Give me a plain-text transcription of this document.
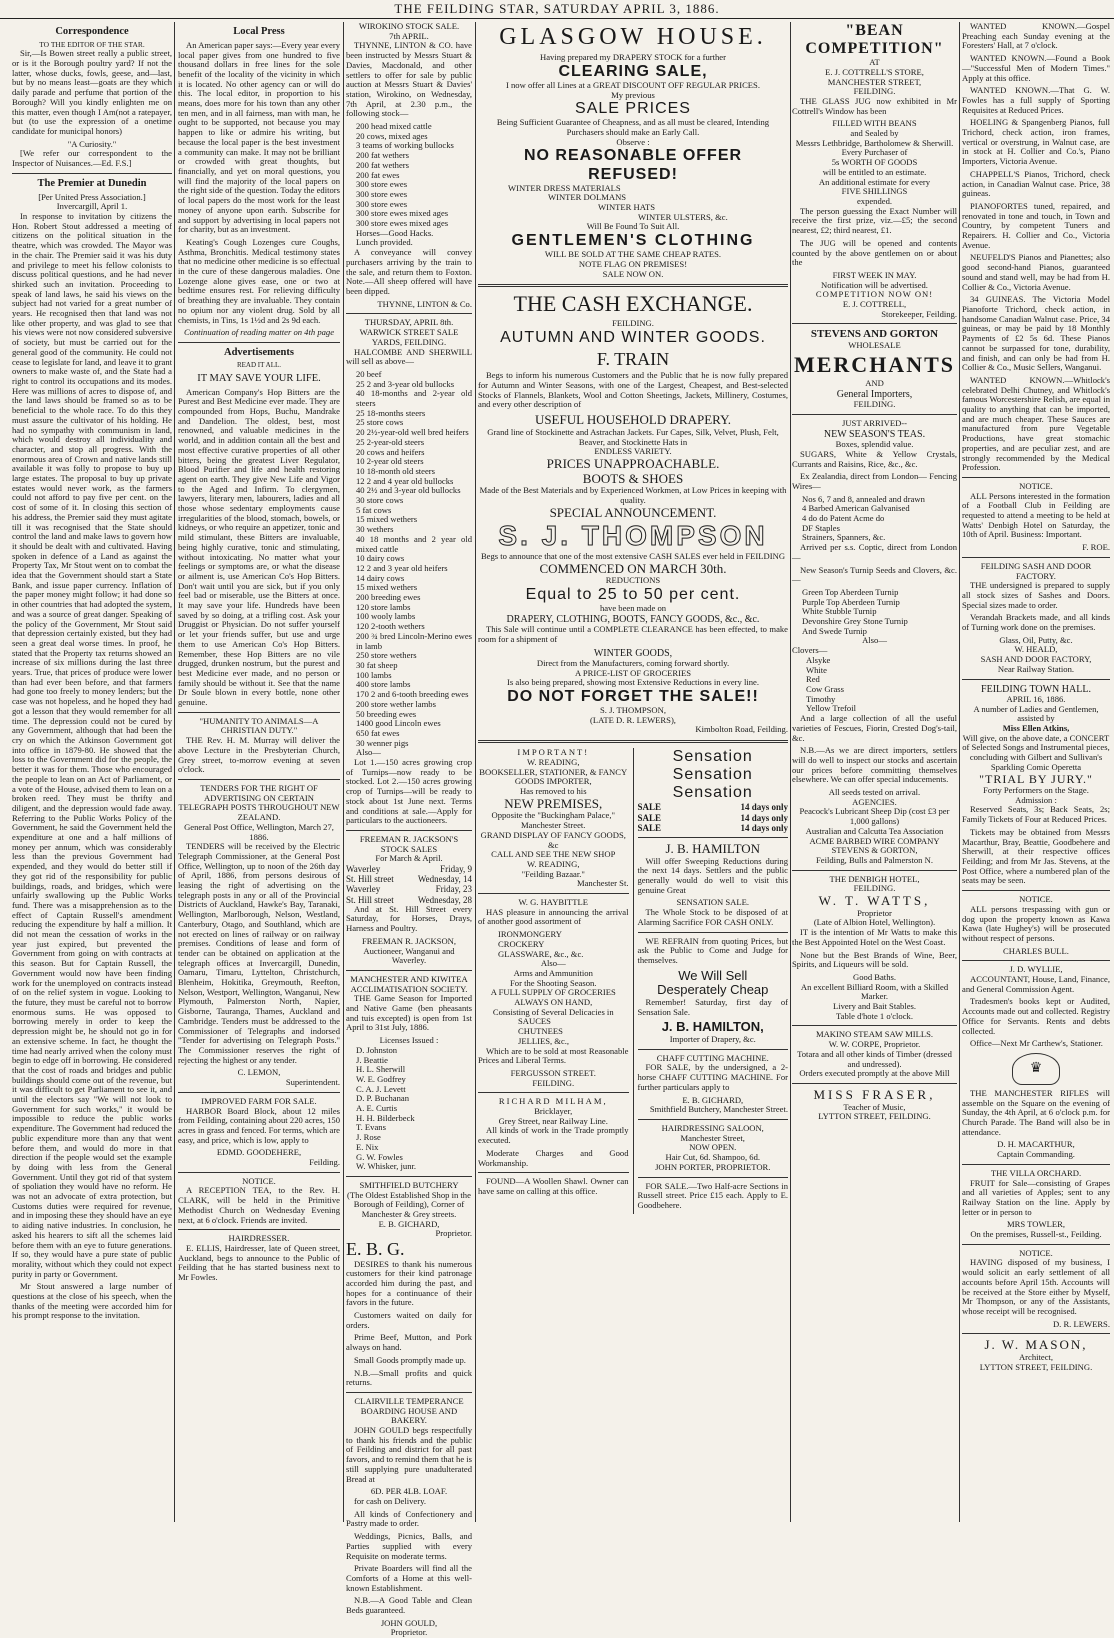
THE FEILDING STAR, SATURDAY APRIL 3, 1886.
Correspondence
TO THE EDITOR OF THE STAR.

Sir,—Is Bowen street really a public street, or is it the Borough poultry yard? If not the latter, whose ducks, fowls, geese, and—last, but by no means least—goats are they which daily parade and perfume that portion of the Borough? Will you kindly enlighten me on this matter, even though I Am(not a ratepayer, but (to use the expression of a onetime candidate for municipal honors)

"A Curiosity."

[We refer our correspondent to the Inspector of Nuisances.—Ed. F.S.]

The Premier at Dunedin
[Per United Press Association.]
Invercargill, April 1.

In response to invitation by citizens the Hon. Robert Stout addressed a meeting of citizens on the political situation in the theatre, which was crowded. The Mayor was in the chair. The Premier said it was his duty and privilege to meet his fellow colonists to discuss political questions, and he had never shirked such an invitation. Proceeding to speak of land laws, he said his views on the subject had not varied for a great number of years. He recognised then that land was not like other property, and was glad to see that his views were not now considered subversive of society, but must be carried out for the general good of the community. He could not cease to legislate for land, and leave it to grant owners to make waste of, and the State had a right to control its occupations and its modes. Here was millions of acres to dispose of, and the land laws should be framed so as to be beneficial to the whole race. To do this they must assure the cultivator of his holding. He had no sympathy with communism in land, which would destroy all individuality and character, and stop all progress. With the enormous area of Crown and native lands still available it was folly to propose to buy up large estates. The proposal to buy up private estates would never work, as the farmers could not afford to pay five per cent. on the cost of some of it. In closing this section of his address, the Premier said they must agitate till it was recognised that the State should control the land and make laws to govern how it should be dealt with and cultivated. Having spoken in defence of a Land as against the Property Tax, Mr Stout went on to combat the idea that the Government should start a State Bank, and issue paper currency. Inflation of the paper money might follow; it had done so in other countries that had adopted the system, and was a source of great danger. Speaking of the policy of the Government, Mr Stout said that depression certainly existed, but they had seen a great deal worse times. In proof, he stated that the Property tax returns showed an increase of six millions during the last three years. True, that prices of produce were lower than had ever been before, and that farmers had gone too freely to money lenders; but the case was not hopeless, and he hoped they had got a lesson that they would remember for all time. The depression could not be cured by any Government, although that had been the cry on which the Atkinson Government got into office in 1879-80. He showed that the loss to the Government did for the people, the better it was for them. Those who encouraged the people to lean on an Act of Parliament, or a vote of the House, advised them to lean on a broken reed. They must be thrifty and diligent, and the depression would fade away. Referring to the Public Works Policy of the Government, he said the Government held the expenditure at one and a half millions of money per annum, which was considerably less than the previous Government had expended, and they would do better still if they got rid of the responsibility for public buildings, roads, and bridges, which were unfairly swallowing up the Public Works fund. There was a misapprehension as to the effect of Captain Russell's amendment reducing the expenditure by half a million. It did not mean the cessation of works in the year just expired, but prevented the Government from going on with contracts at this season. But for Captain Russell, the Government would now have been finding work for the unemployed on contracts instead of on the relief system in vogue. Looking to the future, they must be careful not to borrow enormous sums. He was opposed to borrowing merely in order to keep the depression might be, he should not go in for an extensive scheme. In fact, he thought the time had nearly arrived when the colony must begin to edge off in borrowing. He considered that the cost of roads and bridges and public buildings should come out of the revenue, but it was difficult to get Parliament to see it, and until the electors say "We will not look to Government for such works," it would be impossible to reduce the public works expenditure. The Government had reduced the public expenditure more than any that went before them, and would do more in that direction if the people would set the example by doing with less from the General Government. Until they got rid of that system of spoliation they would have no reform. He was not an advocate of extra protection, but Customs duties were required for revenue, and in imposing these they should have an eye to aiding native industries. In conclusion, he asked his hearers to sift all the schemes laid before them with an eye to future generations. If so, they would have a pure state of public morality, without which they could not expect purity in party or Government.

Mr Stout answered a large number of questions at the close of his speech, when the thanks of the meeting were accorded him for his prompt response to the invitation.

Local Press

An American paper says:—Every year every local paper gives from one hundred to five thousand dollars in free lines for the sole benefit of the locality of the vicinity in which it is located. No other agency can or will do this. The local editor, in proportion to his means, does more for his town than any other ten men, and in all fairness, man with man, he ought to be supported, not because you may happen to like or admire his writing, but because the local paper is the best investment a community can make. It may not be brilliant or crowded with great thoughts, but financially, and yet on moral questions, you will find the majority of the local papers on the right side of the question. Today the editors of local papers do the most work for the least money of anyone upon earth. Subscribe for and support by advertising in local papers not for charity, but as an investment.

Keating's Cough Lozenges cure Coughs, Asthma, Bronchitis. Medical testimony states that no medicine other medicine is so effectual in the cure of these dangerous maladies. One Lozenge alone gives ease, one or two at bedtime ensures rest. For relieving difficulty of breathing they are invaluable. They contain no opium nor any violent drug. Sold by all chemists, in Tins, 1s 1½d and 2s 9d each.

Continuation of reading matter on 4th page
Advertisements
READ IT ALL.
IT MAY SAVE YOUR LIFE.

American Company's Hop Bitters are the Purest and Best Medicine ever made. They are compounded from Hops, Buchu, Mandrake and Dandelion. The oldest, best, most renowned, and valuable medicines in the world, and in addition contain all the best and most effective curative properties of all other bitters, being the greatest Liver Regulator, Blood Purifier and life and health restoring agent on earth. They give New Life and Vigor to the Aged and Infirm. To clergymen, lawyers, literary men, labourers, ladies and all those whose sedentary employments cause irregularities of the blood, stomach, bowels, or kidneys, or who require an appetizer, tonic and mild stimulant, these Bitters are invaluable, being highly curative, tonic and stimulating, without intoxicating. No matter what your feelings or symptoms are, or what the disease or ailment is, use American Co's Hop Bitters. Don't wait until you are sick, but if you only feel bad or miserable, use the Bitters at once. It may save your life. Hundreds have been saved by so doing, at a trifling cost. Ask your Druggist or Physician. Do not suffer yourself or let your friends suffer, but use and urge them to use American Co's Hop Bitters. Remember, these Hop Bitters are no vile drugged, drunken nostrum, but the purest and best Medicine ever made, and no person or family should be without it. See that the name Dr Soule blown in every bottle, none other genuine.

"HUMANITY TO ANIMALS—A CHRISTIAN DUTY."

THE Rev. H. M. Murray will deliver the above Lecture in the Presbyterian Church, Grey street, to-morrow evening at seven o'clock.

TENDERS FOR THE RIGHT OF ADVERTISING ON CERTAIN TELEGRAPH POSTS THROUGHOUT NEW ZEALAND.
General Post Office, Wellington, March 27, 1886.

TENDERS will be received by the Electric Telegraph Commissioner, at the General Post Office, Wellington, up to noon of the 26th day of April, 1886, from persons desirous of leasing the right of advertising on the telegraph posts in any or all of the Provincial Districts of Auckland, Hawke's Bay, Taranaki, Wellington, Marlborough, Nelson, Westland, Canterbury, Otago, and Southland, which are not erected on lines of railway or on railway premises. Conditions of lease and form of tender can be obtained on application at the telegraph offices at Invercargill, Dunedin, Oamaru, Timaru, Lyttelton, Christchurch, Blenheim, Hokitika, Greymouth, Reefton, Nelson, Westport, Wellington, Wanganui, New Plymouth, Palmerston North, Napier, Gisborne, Tauranga, Thames, Auckland and Cambridge. Tenders must be addressed to the Commissioner of Telegraphs and indorsed "Tender for advertising on Telegraph Posts." The Commissioner reserves the right of rejecting the highest or any tender.

C. LEMON,
Superintendent.
IMPROVED FARM FOR SALE.

HARBOR Board Block, about 12 miles from Feilding, containing about 220 acres, 150 acres in grass and fenced. For terms, which are easy, and price, which is low, apply to

EDMD. GOODEHERE,
Feilding.
NOTICE.

A RECEPTION TEA, to the Rev. H. CLARK, will be held in the Primitive Methodist Church on Wednesday Evening next, at 6 o'clock. Friends are invited.

HAIRDRESSER.

E. ELLIS, Hairdresser, late of Queen street, Auckland, begs to announce to the Public of Feilding that he has started business next to Mr Fowles.

WIROKINO STOCK SALE.
7th APRIL.

THYNNE, LINTON & CO. have been instructed by Messrs Stuart & Davies, Macdonald, and other settlers to offer for sale by public auction at Messrs Stuart & Davies' station, Wirokino, on Wednesday, 7th April, at 2.30 p.m., the following stock—

200 head mixed cattle
20 cows, mixed ages
3 teams of working bullocks
200 fat wethers
200 fat wethers
200 fat ewes
300 store ewes
300 store ewes
300 store ewes
300 store ewes mixed ages
300 store ewes mixed ages
Horses—Good Hacks.
Lunch provided.

A conveyance will convey purchasers arriving by the train to the sale, and return them to Foxton. Note.—All sheep offered will have been dipped.

THYNNE, LINTON & Co.
THURSDAY, APRIL 8th.
WARWICK STREET SALE YARDS, FEILDING.

HALCOMBE AND SHERWILL will sell as above—

20 beef
25 2 and 3-year old bullocks
40 18-months and 2-year old steers
25 18-months steers
25 store cows
20 2½-year-old well bred heifers
25 2-year-old steers
20 cows and heifers
10 2-year old steers
10 18-month old steers
12 2 and 4 year old bullocks
40 2½ and 3-year old bullocks
30 store cows
5 fat cows
15 mixed wethers
30 wethers
40 18 months and 2 year old mixed cattle
10 dairy cows
12 2 and 3 year old heifers
14 dairy cows
15 mixed wethers
200 breeding ewes
120 store lambs
100 wooly lambs
120 2-tooth wethers
200 ¾ bred Lincoln-Merino ewes in lamb
250 store wethers
30 fat sheep
100 lambs
400 store lambs
170 2 and 6-tooth breeding ewes
200 store wether lambs
50 breeding ewes
1400 good Lincoln ewes
650 fat ewes
30 wenner pigs
Also—

Lot 1.—150 acres growing crop of Turnips—now ready to be stocked. Lot 2.—150 acres growing crop of Turnips—will be ready to stock about 1st June next. Terms and conditions at sale.—Apply for particulars to the auctioneers.

FREEMAN R. JACKSON'S STOCK SALES
For March & April.
Waverley	Friday, 9
St. Hill street	Wednesday, 14
Waverley	Friday, 23
St. Hill street	Wednesday, 28

And at St. Hill Street every Saturday, for Horses, Drays, Harness and Poultry.

FREEMAN R. JACKSON,
Auctioneer, Wanganui and Waverley.
MANCHESTER AND KIWITEA ACCLIMATISATION SOCIETY.

THE Game Season for Imported and Native Game (ben pheasants and tuis excepted) is open from 1st April to 31st July, 1886.

Licenses Issued :
D. Johnston
J. Beattie
H. L. Sherwill
W. E. Godfrey
C. A. J. Levett
D. P. Buchanan
A. E. Curtis
H. H. Bilderbeck
T. Evans
J. Rose
E. Nix
G. W. Fowles
W. Whisker, junr.
SMITHFIELD BUTCHERY
(The Oldest Established Shop in the Borough of Feilding), Corner of Manchester & Grey streets.
E. B. GICHARD,
Proprietor.
E. B. G.

DESIRES to thank his numerous customers for their kind patronage accorded him during the past, and hopes for a continuance of their favors in the future.

Customers waited on daily for orders.

Prime Beef, Mutton, and Pork always on hand.

Small Goods promptly made up.

N.B.—Small profits and quick returns.

CLAIRVILLE TEMPERANCE BOARDING HOUSE AND BAKERY.

JOHN GOULD begs respectfully to thank his friends and the public of Feilding and district for all past favors, and to remind them that he is still supplying pure unadulterated Bread at

6D. PER 4LB. LOAF.

for cash on Delivery.

All kinds of Confectionery and Pastry made to order.

Weddings, Picnics, Balls, and Parties supplied with every Requisite on moderate terms.

Private Boarders will find all the Comforts of a Home at this well-known Establishment.

N.B.—A Good Table and Clean Beds guaranteed.

JOHN GOULD,
Proprietor.
GLASGOW HOUSE.
Having prepared my DRAPERY STOCK for a further
CLEARING SALE,
I now offer all Lines at a GREAT DISCOUNT OFF REGULAR PRICES.
My previous
SALE PRICES
Being Sufficient Guarantee of Cheapness, and as all must be cleared, Intending Purchasers should make an Early Call.
Observe :
NO REASONABLE OFFER REFUSED!
WINTER DRESS MATERIALS
WINTER DOLMANS
WINTER HATS
WINTER ULSTERS, &c.
Will Be Found To Suit All.
GENTLEMEN'S CLOTHING
WILL BE SOLD AT THE SAME CHEAP RATES.
NOTE FLAG ON PREMISES!
SALE NOW ON.
THE CASH EXCHANGE.
FEILDING.
AUTUMN AND WINTER GOODS.
F. TRAIN

Begs to inform his numerous Customers and the Public that he is now fully prepared for Autumn and Winter Seasons, with one of the Largest, Cheapest, and Best-selected Stocks of Flannels, Blankets, Wool and Cotton Sheetings, Jackets, Millinery, Costumes, and every other description of

USEFUL HOUSEHOLD DRAPERY.
Grand line of Stockinette and Astrachan Jackets. Fur Capes, Silk, Velvet, Plush, Felt, Beaver, and Stockinette Hats in
ENDLESS VARIETY.
PRICES UNAPPROACHABLE.
BOOTS & SHOES
Made of the Best Materials and by Experienced Workmen, at Low Prices in keeping with quality.
SPECIAL ANNOUNCEMENT.
S. J. THOMPSON
Begs to announce that one of the most extensive CASH SALES ever held in FEILDING
COMMENCED ON MARCH 30th.
REDUCTIONS
Equal to 25 to 50 per cent.
have been made on
DRAPERY, CLOTHING, BOOTS, FANCY GOODS, &c., &c.

This Sale will continue until a COMPLETE CLEARANCE has been effected, to make room for a shipment of

WINTER GOODS,
Direct from the Manufacturers, coming forward shortly.
A PRICE-LIST OF GROCERIES
Is also being prepared, showing most Extensive Reductions in every line.
DO NOT FORGET THE SALE!!
S. J. THOMPSON,
(LATE D. R. LEWERS),
Kimbolton Road, Feilding.
IMPORTANT!
W. READING,
BOOKSELLER, STATIONER, & FANCY GOODS IMPORTER,
Has removed to his
NEW PREMISES,
Opposite the "Buckingham Palace,"
Manchester Street.
GRAND DISPLAY OF FANCY GOODS, &c
CALL AND SEE THE NEW SHOP
W. READING,
"Feilding Bazaar."
Manchester St.
W. G. HAYBITTLE

HAS pleasure in announcing the arrival of another good assortment of

IRONMONGERY
CROCKERY
GLASSWARE, &c., &c.
Also—
Arms and Ammunition
For the Shooting Season.
A FULL SUPPLY OF GROCERIES ALWAYS ON HAND,
Consisting of Several Delicacies in
SAUCES
CHUTNEES
JELLIES, &c.,

Which are to be sold at most Reasonable Prices and Liberal Terms.

FERGUSSON STREET.
FEILDING.
RICHARD MILHAM,
Bricklayer,
Grey Street, near Railway Line.

All kinds of work in the Trade promptly executed.

Moderate Charges and Good Workmanship.

FOUND—A Woollen Shawl. Owner can have same on calling at this office.

Sensation
Sensation
Sensation
SALE	14 days only
SALE	14 days only
SALE	14 days only
J. B. HAMILTON

Will offer Sweeping Reductions during the next 14 days. Settlers and the public generally would do well to visit this genuine Great

SENSATION SALE.

The Whole Stock to be disposed of at Alarming Sacrifice FOR CASH ONLY.

WE REFRAIN from quoting Prices, but ask the Public to Come and Judge for themselves.

We Will Sell
Desperately Cheap

Remember! Saturday, first day of Sensation Sale.

J. B. HAMILTON,
Importer of Drapery, &c.
CHAFF CUTTING MACHINE.

FOR SALE, by the undersigned, a 2-horse CHAFF CUTTING MACHINE. For further particulars apply to

E. B. GICHARD,
Smithfield Butchery, Manchester Street.
HAIRDRESSING SALOON,
Manchester Street,
NOW OPEN.
Hair Cut, 6d. Shampoo, 6d.
JOHN PORTER, PROPRIETOR.

FOR SALE.—Two Half-acre Sections in Russell street. Price £15 each. Apply to E. Goodbehere.

"BEAN COMPETITION"
AT
E. J. COTTRELL'S STORE,
MANCHESTER STREET,
FEILDING.

THE GLASS JUG now exhibited in Mr Cottrell's Window has been

FILLED WITH BEANS
and Sealed by
Messrs Lethbridge, Bartholomew & Sherwill.
Every Purchaser of
5s WORTH OF GOODS
will be entitled to an estimate.
An additional estimate for every
FIVE SHILLINGS
expended.

The person guessing the Exact Number will receive the first prize, viz.—£5; the second nearest, £2; third nearest, £1.

The JUG will be opened and contents counted by the above gentlemen on or about the

FIRST WEEK IN MAY.
Notification will be advertised.
COMPETITION NOW ON!
E. J. COTTRELL,
Storekeeper, Feilding.
STEVENS AND GORTON
WHOLESALE
MERCHANTS
AND
General Importers,
FEILDING.
JUST ARRIVED--
NEW SEASON'S TEAS.
Boxes, splendid value.

SUGARS, White & Yellow Crystals, Currants and Raisins, Rice, &c., &c.

Ex Zealandia, direct from London— Fencing Wires—

Nos 6, 7 and 8, annealed and drawn
4 Barbed American Galvanised
4 do do Patent Acme do
DF Staples
Strainers, Spanners, &c.

Arrived per s.s. Coptic, direct from London—

New Season's Turnip Seeds and Clovers, &c.—

Green Top Aberdeen Turnip
Purple Top Aberdeen Turnip
White Stubble Turnip
Devonshire Grey Stone Turnip
And Swede Turnip
Also—
Clovers—
Alsyke
White
Red
Cow Grass
Timothy
Yellow Trefoil

And a large collection of all the useful varieties of Fescues, Fiorin, Crested Dog's-tail, &c.

N.B.—As we are direct importers, settlers will do well to inspect our stocks and ascertain our prices before committing themselves elsewhere. We can offer special inducements.

All seeds tested on arrival.
AGENCIES.
Peacock's Lubricant Sheep Dip (cost £3 per 1,000 gallons)
Australian and Calcutta Tea Association
ACME BARBED WIRE COMPANY
STEVENS & GORTON,
Feilding, Bulls and Palmerston N.
THE DENBIGH HOTEL,
FEILDING.
W. T. WATTS,
Proprietor
(Late of Albion Hotel, Wellington).

IT is the intention of Mr Watts to make this the Best Appointed Hotel on the West Coast.

None but the Best Brands of Wine, Beer, Spirits, and Liqueurs will be sold.

Good Baths.
An excellent Billiard Room, with a Skilled Marker.
Livery and Bait Stables.
Table d'hote 1 o'clock.
MAKINO STEAM SAW MILLS.
W. W. CORPE, Proprietor.
Totara and all other kinds of Timber (dressed and undressed).
Orders executed promptly at the above Mill
MISS FRASER,
Teacher of Music,
LYTTON STREET, FEILDING.

WANTED KNOWN.—Gospel Preaching each Sunday evening at the Foresters' Hall, at 7 o'clock.

WANTED KNOWN.—Found a Book—"Successful Men of Modern Times." Apply at this office.

WANTED KNOWN.—That G. W. Fowles has a full supply of Sporting Requisites at Reduced Prices.

HOELING & Spangenberg Pianos, full Trichord, check action, iron frames, vertical or overstrung, in Walnut case, are in stock at H. Collier and Co.'s, Piano Importers, Victoria Avenue.

CHAPPELL'S Pianos, Trichord, check action, in Canadian Walnut case. Price, 38 guineas.

PIANOFORTES tuned, repaired, and renovated in tone and touch, in Town and Country, by competent Tuners and Repairers. H. Collier and Co., Victoria Avenue.

NEUFELD'S Pianos and Pianettes; also good second-hand Pianos, guaranteed sound and stand well, may be had from H. Collier & Co., Victoria Avenue.

34 GUINEAS. The Victoria Model Pianoforte Trichord, check action, in handsome Canadian Walnut case. Price, 34 guineas, or may be paid by 18 Monthly Payments of £2 5s 6d. These Pianos cannot be surpassed for tone, durability, and finish, and can only be had from H. Collier & Co., Music Sellers, Wanganui.

WANTED KNOWN.—Whitlock's celebrated Delhi Chutney, and Whitlock's famous Worcestershire Relish, are equal in quality to anything that can be imported, and are much cheaper. These Sauces are manufactured from pure Vegetable Productions, have great stomachic properties, and are peculiar zest, and are strongly recommended by the Medical Profession.

NOTICE.

ALL Persons interested in the formation of a Football Club in Feilding are requested to attend a meeting to be held at Watts' Denbigh Hotel on Saturday, the 10th of April. Business: Important.

F. ROE.
FEILDING SASH AND DOOR FACTORY.

THE undersigned is prepared to supply all stock sizes of Sashes and Doors. Special sizes made to order.

Verandah Brackets made, and all kinds of Turning work done on the premises.

Glass, Oil, Putty, &c.
W. HEALD,
SASH AND DOOR FACTORY,
Near Railway Station.
FEILDING TOWN HALL.
APRIL 16, 1886.
A number of Ladies and Gentlemen, assisted by
Miss Ellen Atkins,
Will give, on the above date, a CONCERT of Selected Songs and Instrumental pieces, concluding with Gilbert and Sullivan's Sparkling Comic Operetta
"TRIAL BY JURY."
Forty Performers on the Stage.
Admission :

Reserved Seats, 3s; Back Seats, 2s; Family Tickets of Four at Reduced Prices.

Tickets may be obtained from Messrs Macarthur, Bray, Beattie, Goodbehere and Sherwill, at their respective offices Feilding; and from Mr Jas. Stevens, at the Post Office, where a numbered plan of the seats may be seen.

NOTICE.

ALL persons trespassing with gun or dog upon the property known as Kawa Kawa (late Hughey's) will be prosecuted without respect of persons.

CHARLES BULL.
J. D. WYLLIE,

ACCOUNTANT, House, Land, Finance, and General Commission Agent.

Tradesmen's books kept or Audited, Accounts made out and collected. Registry Office for Servants. Rents and debts collected.

Office—Next Mr Carthew's, Stationer.

♛

THE MANCHESTER RIFLES will assemble on the Square on the evening of Sunday, the 4th April, at 6 o'clock p.m. for Church Parade. The Band will also be in attendance.

D. H. MACARTHUR,
Captain Commanding.
THE VILLA ORCHARD.

FRUIT for Sale—consisting of Grapes and all varieties of Apples; sent to any Railway Station on the line. Apply by letter or in person to

MRS TOWLER,
On the premises, Russell-st., Feilding.
NOTICE.

HAVING disposed of my business, I would solicit an early settlement of all accounts before April 15th. Accounts will be received at the Store either by Myself, Mr Thompson, or any of the Assistants, whose receipt will be recognised.

D. R. LEWERS.
J. W. MASON,
Architect,
LYTTON STREET, FEILDING.
